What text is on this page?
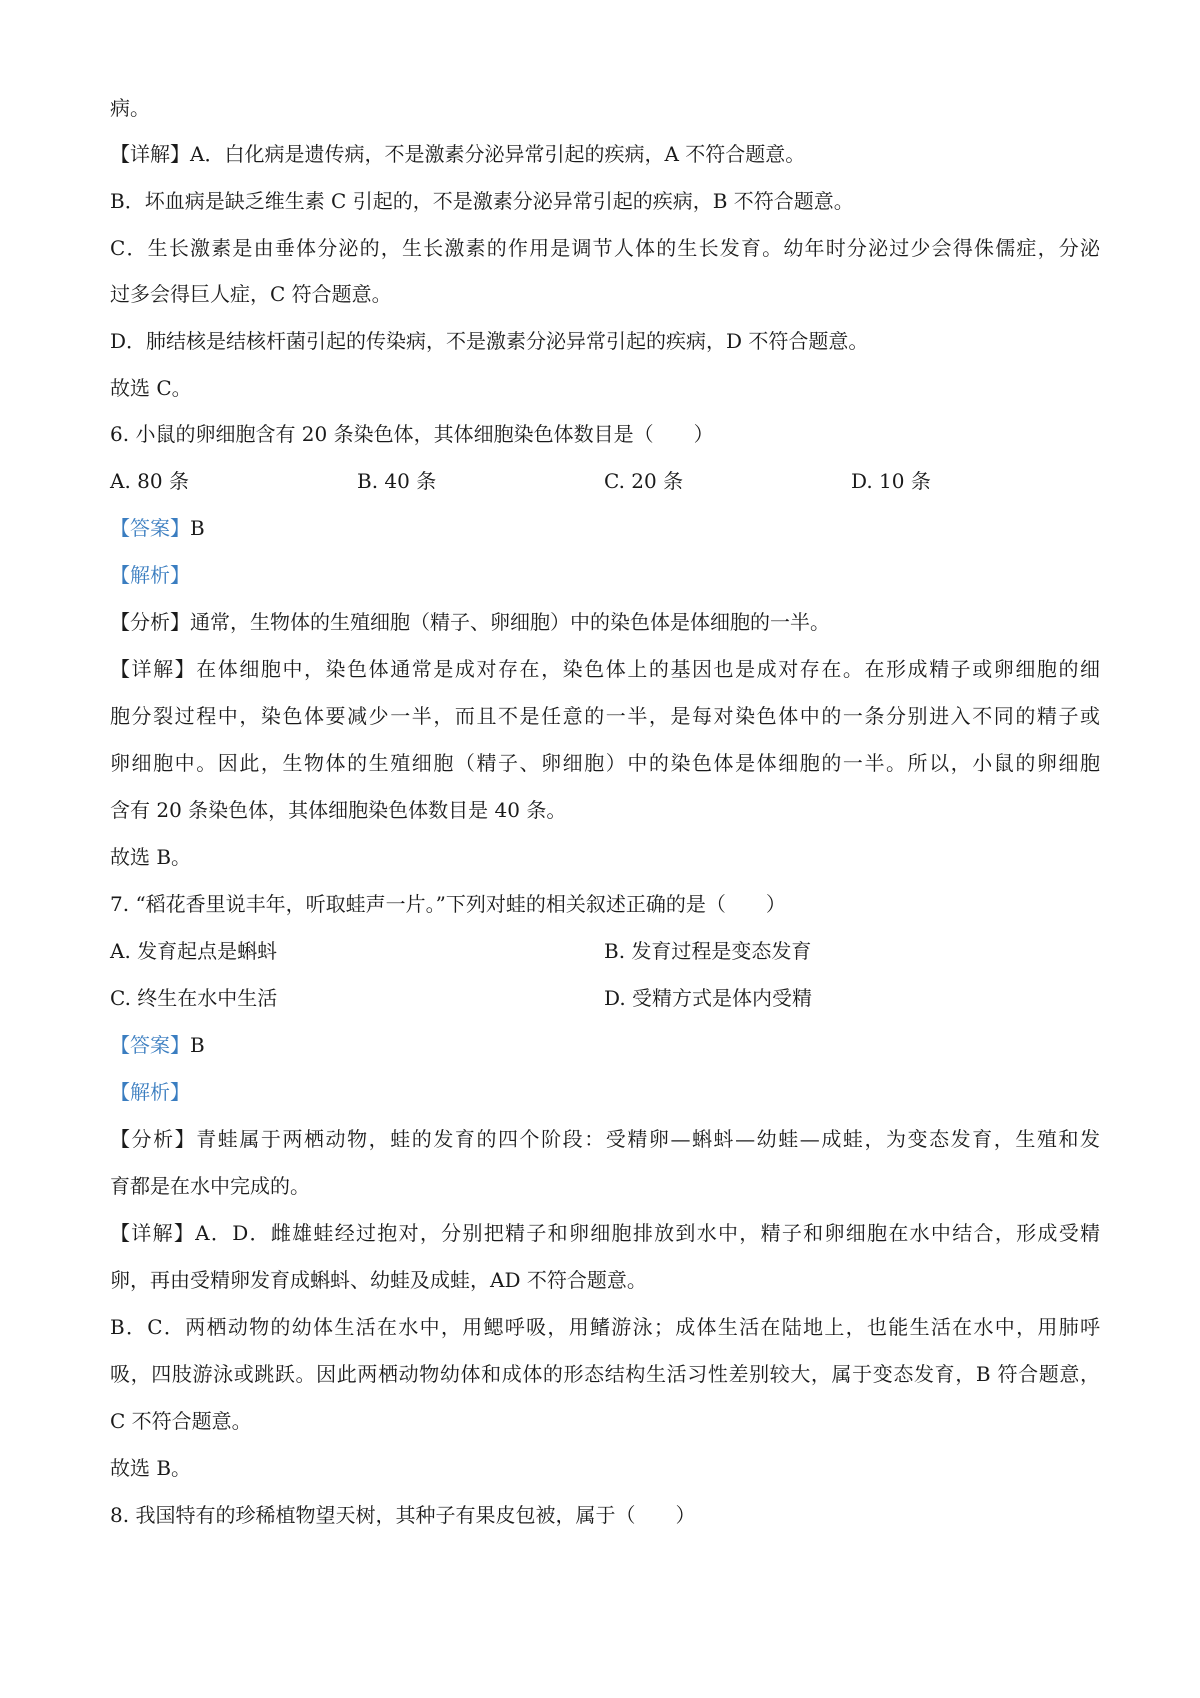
病。
【详解】A．白化病是遗传病，不是激素分泌异常引起的疾病，A 不符合题意。
B．坏血病是缺乏维生素 C 引起的，不是激素分泌异常引起的疾病，B 不符合题意。
C．生长激素是由垂体分泌的，生长激素的作用是调节人体的生长发育。幼年时分泌过少会得侏儒症，分泌
过多会得巨人症，C 符合题意。
D．肺结核是结核杆菌引起的传染病，不是激素分泌异常引起的疾病，D 不符合题意。
故选 C。
6. 小鼠的卵细胞含有 20 条染色体，其体细胞染色体数目是（　　）
A. 80 条	B. 40 条	C. 20 条	D. 10 条
【答案】B
【解析】
【分析】通常，生物体的生殖细胞（精子、卵细胞）中的染色体是体细胞的一半。
【详解】在体细胞中，染色体通常是成对存在，染色体上的基因也是成对存在。在形成精子或卵细胞的细
胞分裂过程中，染色体要减少一半，而且不是任意的一半，是每对染色体中的一条分别进入不同的精子或
卵细胞中。因此，生物体的生殖细胞（精子、卵细胞）中的染色体是体细胞的一半。所以，小鼠的卵细胞
含有 20 条染色体，其体细胞染色体数目是 40 条。
故选 B。
7. “稻花香里说丰年，听取蛙声一片。”下列对蛙的相关叙述正确的是（　　）
A. 发育起点是蝌蚪	B. 发育过程是变态发育
C. 终生在水中生活	D. 受精方式是体内受精
【答案】B
【解析】
【分析】青蛙属于两栖动物，蛙的发育的四个阶段：受精卵—蝌蚪—幼蛙—成蛙，为变态发育，生殖和发
育都是在水中完成的。
【详解】A．D．雌雄蛙经过抱对，分别把精子和卵细胞排放到水中，精子和卵细胞在水中结合，形成受精
卵，再由受精卵发育成蝌蚪、幼蛙及成蛙，AD 不符合题意。
B．C．两栖动物的幼体生活在水中，用鳃呼吸，用鳍游泳；成体生活在陆地上，也能生活在水中，用肺呼
吸，四肢游泳或跳跃。因此两栖动物幼体和成体的形态结构生活习性差别较大，属于变态发育，B 符合题意，
C 不符合题意。
故选 B。
8. 我国特有的珍稀植物望天树，其种子有果皮包被，属于（　　）
